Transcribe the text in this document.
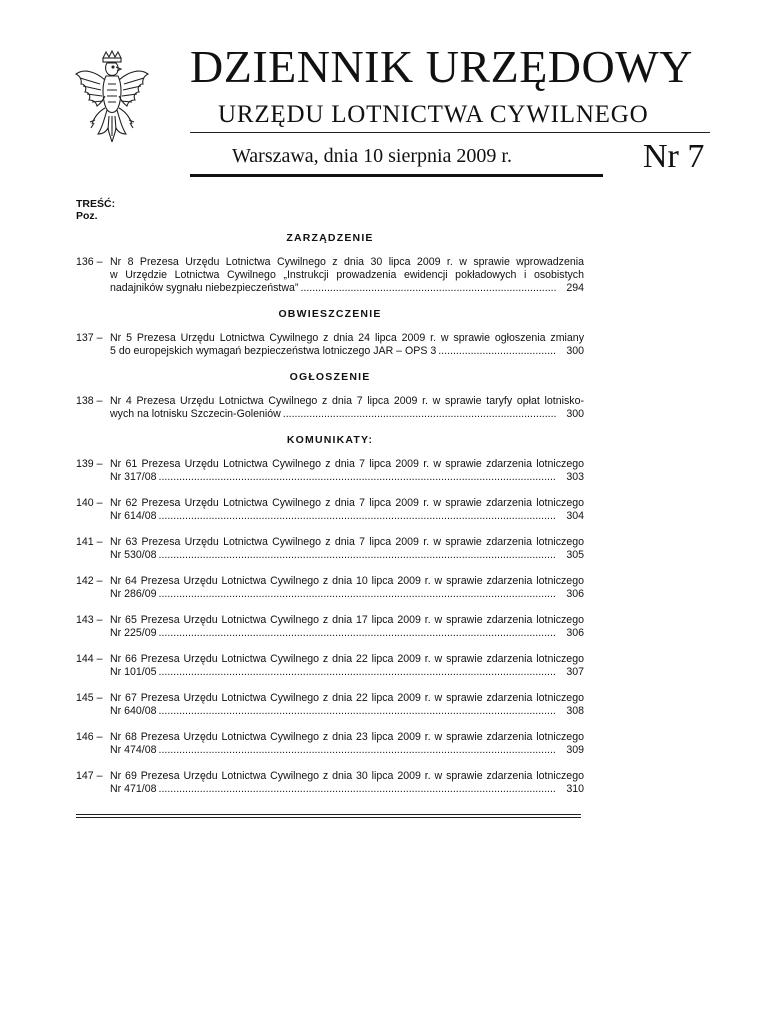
DZIENNIK URZĘDOWY
URZĘDU LOTNICTWA CYWILNEGO
Warszawa, dnia 10 sierpnia 2009 r.	Nr 7
TREŚĆ:
Poz.
ZARZĄDZENIE
136 – Nr 8 Prezesa Urzędu Lotnictwa Cywilnego z dnia 30 lipca 2009 r. w sprawie wprowadzenia
w Urzędzie Lotnictwa Cywilnego „Instrukcji prowadzenia ewidencji pokładowych i osobistych
nadajników sygnału niebezpieczeństwa” .....	294
OBWIESZCZENIE
137 – Nr 5 Prezesa Urzędu Lotnictwa Cywilnego z dnia 24 lipca 2009 r. w sprawie ogłoszenia zmiany
5 do europejskich wymagań bezpieczeństwa lotniczego JAR – OPS 3 .....	300
OGŁOSZENIE
138 – Nr 4 Prezesa Urzędu Lotnictwa Cywilnego z dnia 7 lipca 2009 r. w sprawie taryfy opłat lotnisko-
wych na lotnisku Szczecin-Goleniów .....	300
KOMUNIKATY:
139 – Nr 61 Prezesa Urzędu Lotnictwa Cywilnego z dnia 7 lipca 2009 r. w sprawie zdarzenia lotniczego
Nr 317/08 .....	303
140 – Nr 62 Prezesa Urzędu Lotnictwa Cywilnego z dnia 7 lipca 2009 r. w sprawie zdarzenia lotniczego
Nr 614/08 .....	304
141 – Nr 63 Prezesa Urzędu Lotnictwa Cywilnego z dnia 7 lipca 2009 r. w sprawie zdarzenia lotniczego
Nr 530/08 .....	305
142 – Nr 64 Prezesa Urzędu Lotnictwa Cywilnego z dnia 10 lipca 2009 r. w sprawie zdarzenia lotniczego
Nr 286/09 .....	306
143 – Nr 65 Prezesa Urzędu Lotnictwa Cywilnego z dnia 17 lipca 2009 r. w sprawie zdarzenia lotniczego
Nr 225/09 .....	306
144 – Nr 66 Prezesa Urzędu Lotnictwa Cywilnego z dnia 22 lipca 2009 r. w sprawie zdarzenia lotniczego
Nr 101/05 .....	307
145 – Nr 67 Prezesa Urzędu Lotnictwa Cywilnego z dnia 22 lipca 2009 r. w sprawie zdarzenia lotniczego
Nr 640/08 .....	308
146 – Nr 68 Prezesa Urzędu Lotnictwa Cywilnego z dnia 23 lipca 2009 r. w sprawie zdarzenia lotniczego
Nr 474/08 .....	309
147 – Nr 69 Prezesa Urzędu Lotnictwa Cywilnego z dnia 30 lipca 2009 r. w sprawie zdarzenia lotniczego
Nr 471/08 .....	310
